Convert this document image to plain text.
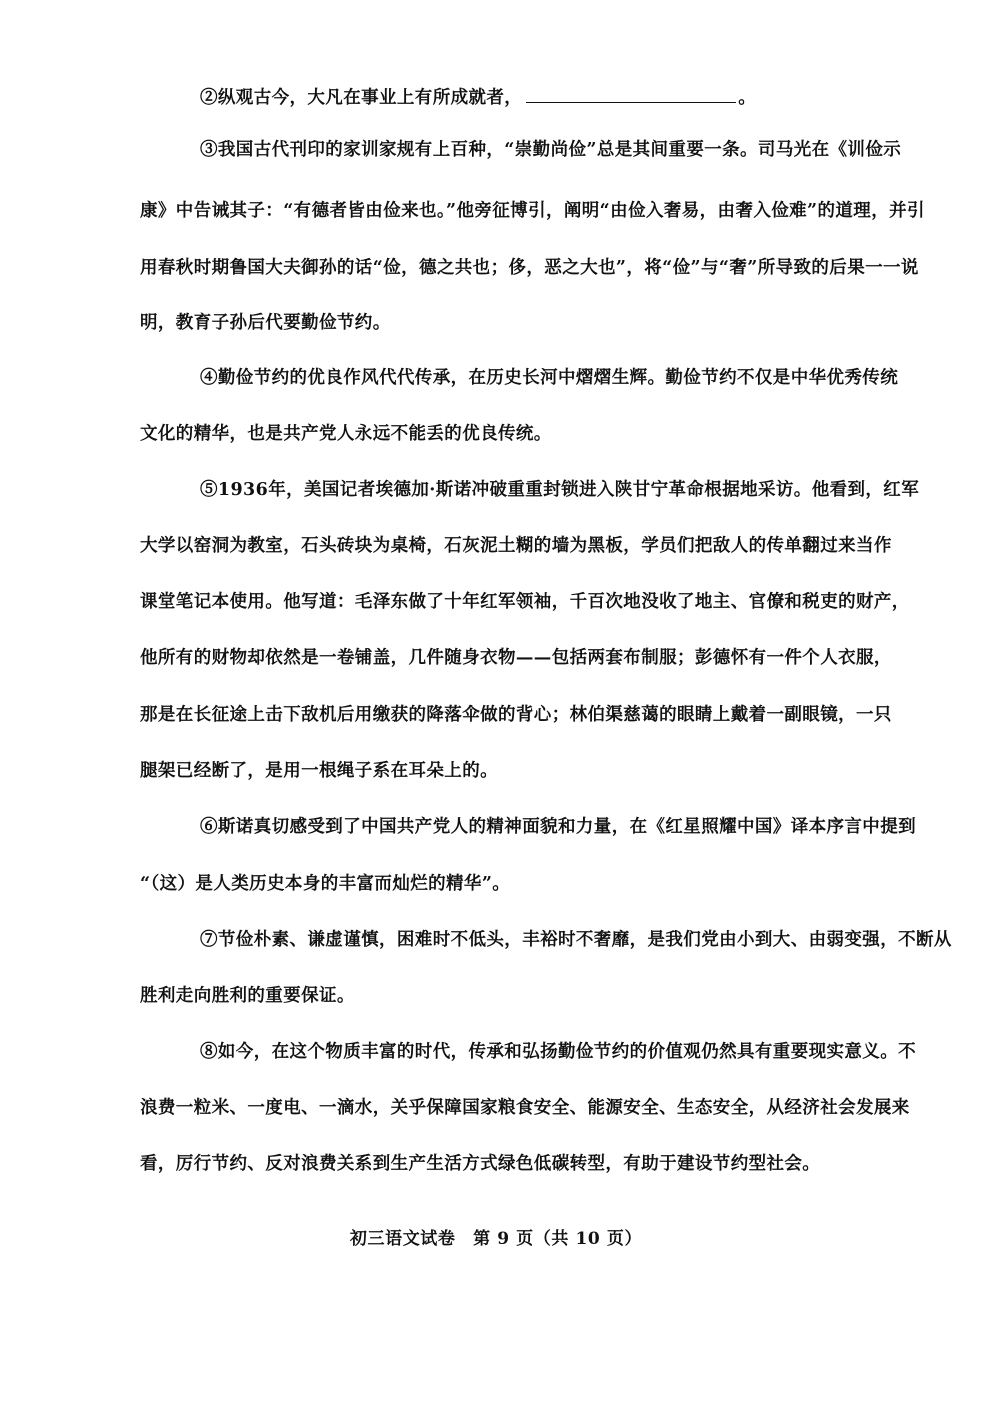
②纵观古今，大凡在事业上有所成就者，	。
③我国古代刊印的家训家规有上百种，“崇勤尚俭”总是其间重要一条。司马光在《训俭示
康》中告诫其子：“有德者皆由俭来也。”他旁征博引，阐明“由俭入奢易，由奢入俭难”的道理，并引
用春秋时期鲁国大夫御孙的话“俭，德之共也；侈，恶之大也”，将“俭”与“奢”所导致的后果一一说
明，教育子孙后代要勤俭节约。
④勤俭节约的优良作风代代传承，在历史长河中熠熠生辉。勤俭节约不仅是中华优秀传统
文化的精华，也是共产党人永远不能丢的优良传统。
⑤1936年，美国记者埃德加·斯诺冲破重重封锁进入陕甘宁革命根据地采访。他看到，红军
大学以窑洞为教室，石头砖块为桌椅，石灰泥土糊的墙为黑板，学员们把敌人的传单翻过来当作
课堂笔记本使用。他写道：毛泽东做了十年红军领袖，千百次地没收了地主、官僚和税吏的财产，
他所有的财物却依然是一卷铺盖，几件随身衣物——包括两套布制服；彭德怀有一件个人衣服，
那是在长征途上击下敌机后用缴获的降落伞做的背心；林伯渠慈蔼的眼睛上戴着一副眼镜，一只
腿架已经断了，是用一根绳子系在耳朵上的。
⑥斯诺真切感受到了中国共产党人的精神面貌和力量，在《红星照耀中国》译本序言中提到
“（这）是人类历史本身的丰富而灿烂的精华”。
⑦节俭朴素、谦虚谨慎，困难时不低头，丰裕时不奢靡，是我们党由小到大、由弱变强，不断从
胜利走向胜利的重要保证。
⑧如今，在这个物质丰富的时代，传承和弘扬勤俭节约的价值观仍然具有重要现实意义。不
浪费一粒米、一度电、一滴水，关乎保障国家粮食安全、能源安全、生态安全，从经济社会发展来
看，厉行节约、反对浪费关系到生产生活方式绿色低碳转型，有助于建设节约型社会。
初三语文试卷　第 9 页（共 10 页）
